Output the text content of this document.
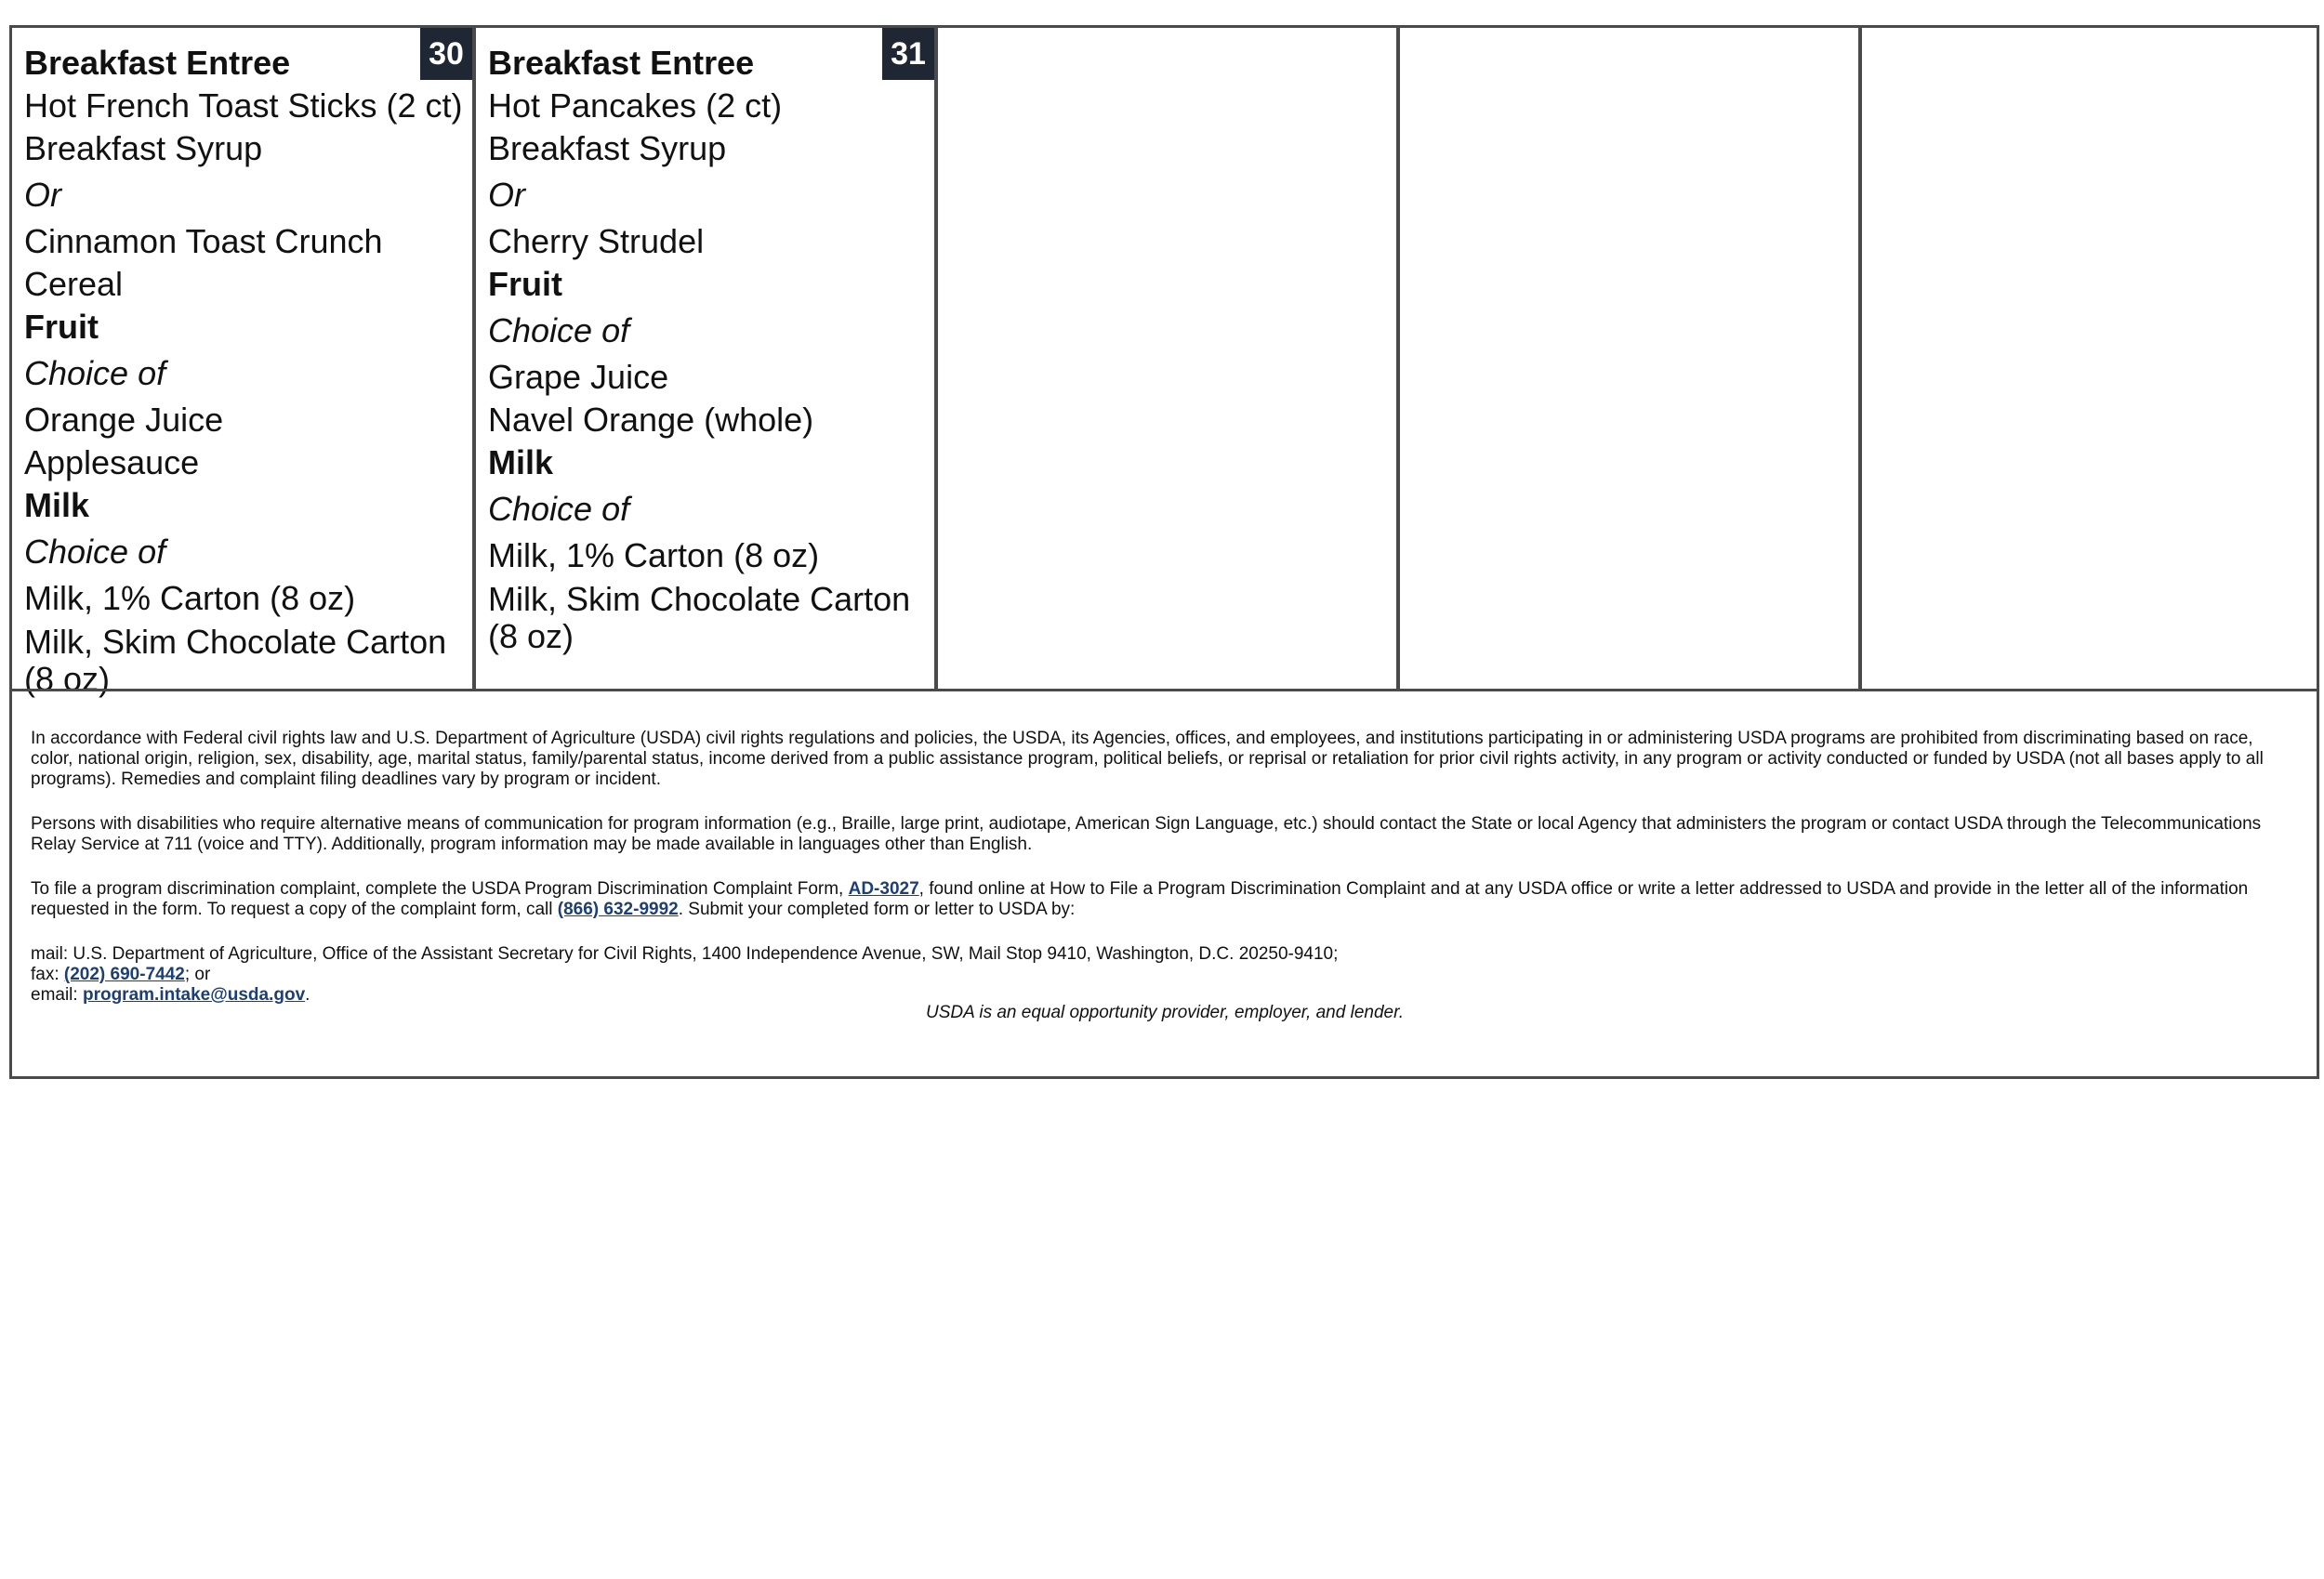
30
Breakfast Entree
Hot French Toast Sticks (2 ct)
Breakfast Syrup
Or
Cinnamon Toast Crunch Cereal
Fruit
Choice of
Orange Juice
Applesauce
Milk
Choice of
Milk, 1% Carton (8 oz)
Milk, Skim Chocolate Carton (8 oz)
31
Breakfast Entree
Hot Pancakes (2 ct)
Breakfast Syrup
Or
Cherry Strudel
Fruit
Choice of
Grape Juice
Navel Orange (whole)
Milk
Choice of
Milk, 1% Carton (8 oz)
Milk, Skim Chocolate Carton (8 oz)

In accordance with Federal civil rights law and U.S. Department of Agriculture (USDA) civil rights regulations and policies, the USDA, its Agencies, offices, and employees, and institutions participating in or administering USDA programs are prohibited from discriminating based on race, color, national origin, religion, sex, disability, age, marital status, family/parental status, income derived from a public assistance program, political beliefs, or reprisal or retaliation for prior civil rights activity, in any program or activity conducted or funded by USDA (not all bases apply to all programs). Remedies and complaint filing deadlines vary by program or incident.

Persons with disabilities who require alternative means of communication for program information (e.g., Braille, large print, audiotape, American Sign Language, etc.) should contact the State or local Agency that administers the program or contact USDA through the Telecommunications Relay Service at 711 (voice and TTY). Additionally, program information may be made available in languages other than English.

To file a program discrimination complaint, complete the USDA Program Discrimination Complaint Form, AD-3027, found online at How to File a Program Discrimination Complaint and at any USDA office or write a letter addressed to USDA and provide in the letter all of the information requested in the form. To request a copy of the complaint form, call (866) 632-9992. Submit your completed form or letter to USDA by:

mail: U.S. Department of Agriculture, Office of the Assistant Secretary for Civil Rights, 1400 Independence Avenue, SW, Mail Stop 9410, Washington, D.C. 20250-9410;
fax: (202) 690-7442; or
email: program.intake@usda.gov.
USDA is an equal opportunity provider, employer, and lender.
